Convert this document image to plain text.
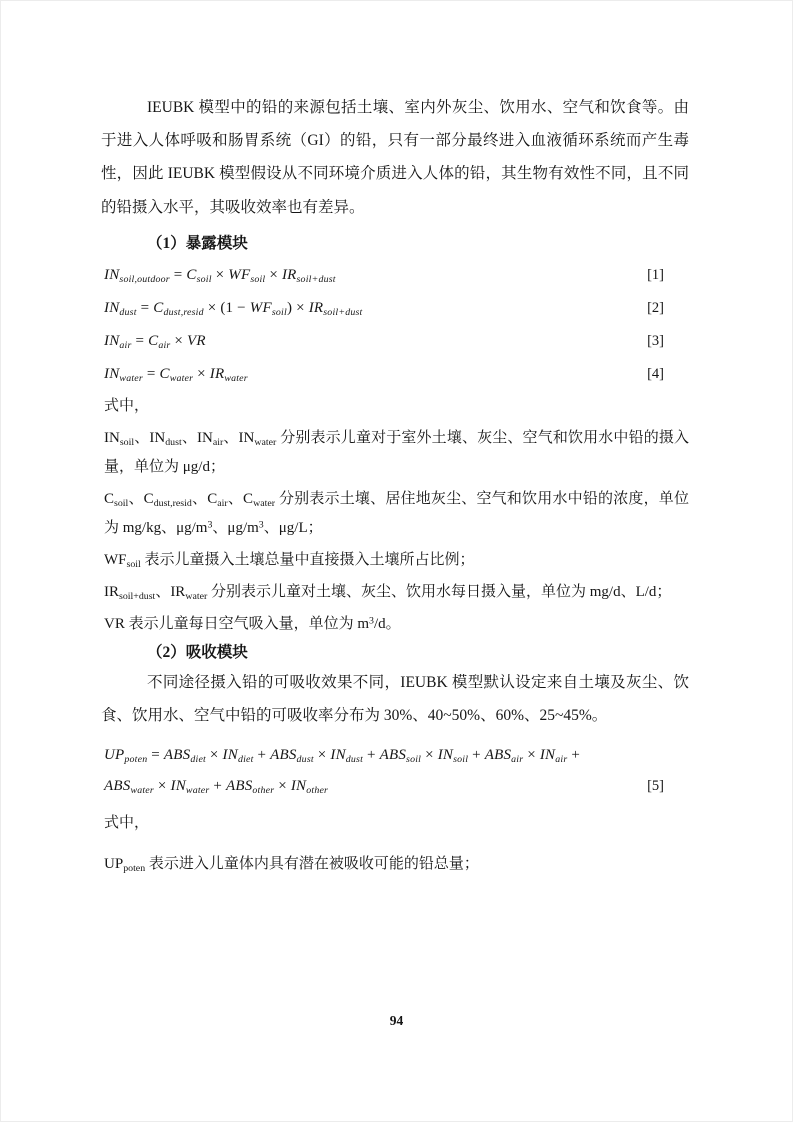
IEUBK 模型中的铅的来源包括土壤、室内外灰尘、饮用水、空气和饮食等。由于进入人体呼吸和肠胃系统（GI）的铅，只有一部分最终进入血液循环系统而产生毒性，因此 IEUBK 模型假设从不同环境介质进入人体的铅，其生物有效性不同，且不同的铅摄入水平，其吸收效率也有差异。

（1）暴露模块
$IN_{soil,outdoor} = C_{soil} \times WF_{soil} \times IR_{soil+dust}$	[1]
$IN_{dust} = C_{dust,resid} \times (1 - WF_{soil}) \times IR_{soil+dust}$	[2]
$IN_{air} = C_{air}$ × VR	[3]
$IN_{water} = C_{water} \times IR_{water}$	[4]

式中，

$IN_{soil}$、$IN_{dust}$、$IN_{air}$、$IN_{water}$ 分别表示儿童对于室外土壤、灰尘、空气和饮用水中铅的摄入量，单位为 μg/d；

$C_{soil}$、$C_{dust,resid}$、$C_{air}$、$C_{water}$ 分别表示土壤、居住地灰尘、空气和饮用水中铅的浓度，单位为 mg/kg、$\mu g/m^3$、$\mu g/m^3$、μg/L；

$WF_{soil}$ 表示儿童摄入土壤总量中直接摄入土壤所占比例；

$IR_{soil+dust}$、$IR_{water}$ 分别表示儿童对土壤、灰尘、饮用水每日摄入量，单位为 mg/d、L/d；

VR 表示儿童每日空气吸入量，单位为 $m^3/d$。

（2）吸收模块

不同途径摄入铅的可吸收效果不同，IEUBK 模型默认设定来自土壤及灰尘、饮食、饮用水、空气中铅的可吸收率分布为 30%、40~50%、60%、25~45%。

$UP_{poten} = ABS_{diet} \times IN_{diet} + ABS_{dust} \times IN_{dust} + ABS_{soil} \times IN_{soil} + ABS_{air} \times IN_{air}$ +
$ABS_{water} \times IN_{water} + ABS_{other} \times IN_{other}$	[5]

式中，

$UP_{poten}$ 表示进入儿童体内具有潜在被吸收可能的铅总量；

94
